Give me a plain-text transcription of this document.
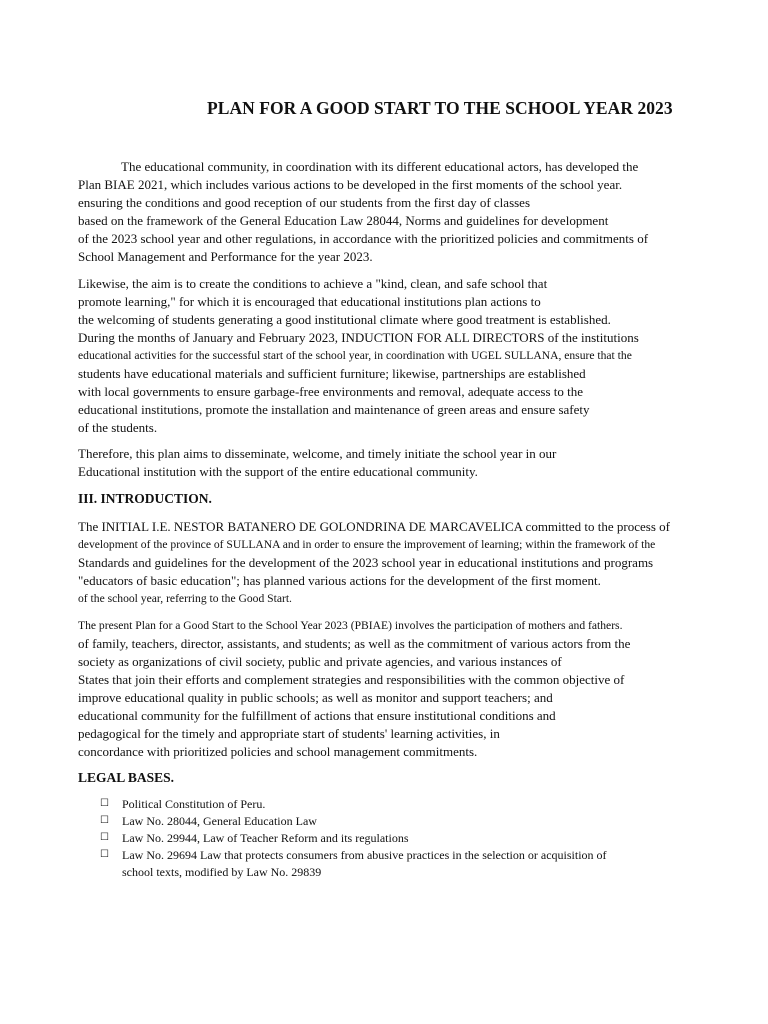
PLAN FOR A GOOD START TO THE SCHOOL YEAR 2023
The educational community, in coordination with its different educational actors, has developed the
Plan BIAE 2021, which includes various actions to be developed in the first moments of the school year.
ensuring the conditions and good reception of our students from the first day of classes
based on the framework of the General Education Law 28044, Norms and guidelines for development
of the 2023 school year and other regulations, in accordance with the prioritized policies and commitments of
School Management and Performance for the year 2023.
Likewise, the aim is to create the conditions to achieve a "kind, clean, and safe school that
promote learning," for which it is encouraged that educational institutions plan actions to
the welcoming of students generating a good institutional climate where good treatment is established.
During the months of January and February 2023, INDUCTION FOR ALL DIRECTORS of the institutions
educational activities for the successful start of the school year, in coordination with UGEL SULLANA, ensure that the
students have educational materials and sufficient furniture; likewise, partnerships are established
with local governments to ensure garbage-free environments and removal, adequate access to the
educational institutions, promote the installation and maintenance of green areas and ensure safety
of the students.
Therefore, this plan aims to disseminate, welcome, and timely initiate the school year in our
Educational institution with the support of the entire educational community.
III. INTRODUCTION.
The INITIAL I.E. NESTOR BATANERO DE GOLONDRINA DE MARCAVELICA committed to the process of
development of the province of SULLANA and in order to ensure the improvement of learning; within the framework of the
Standards and guidelines for the development of the 2023 school year in educational institutions and programs
"educators of basic education"; has planned various actions for the development of the first moment.
of the school year, referring to the Good Start.
The present Plan for a Good Start to the School Year 2023 (PBIAE) involves the participation of mothers and fathers.
of family, teachers, director, assistants, and students; as well as the commitment of various actors from the
society as organizations of civil society, public and private agencies, and various instances of
States that join their efforts and complement strategies and responsibilities with the common objective of
improve educational quality in public schools; as well as monitor and support teachers; and
educational community for the fulfillment of actions that ensure institutional conditions and
pedagogical for the timely and appropriate start of students' learning activities, in
concordance with prioritized policies and school management commitments.
LEGAL BASES.
☐	Political Constitution of Peru.
☐	Law No. 28044, General Education Law
☐	Law No. 29944, Law of Teacher Reform and its regulations
☐	Law No. 29694 Law that protects consumers from abusive practices in the selection or acquisition of
school texts, modified by Law No. 29839
